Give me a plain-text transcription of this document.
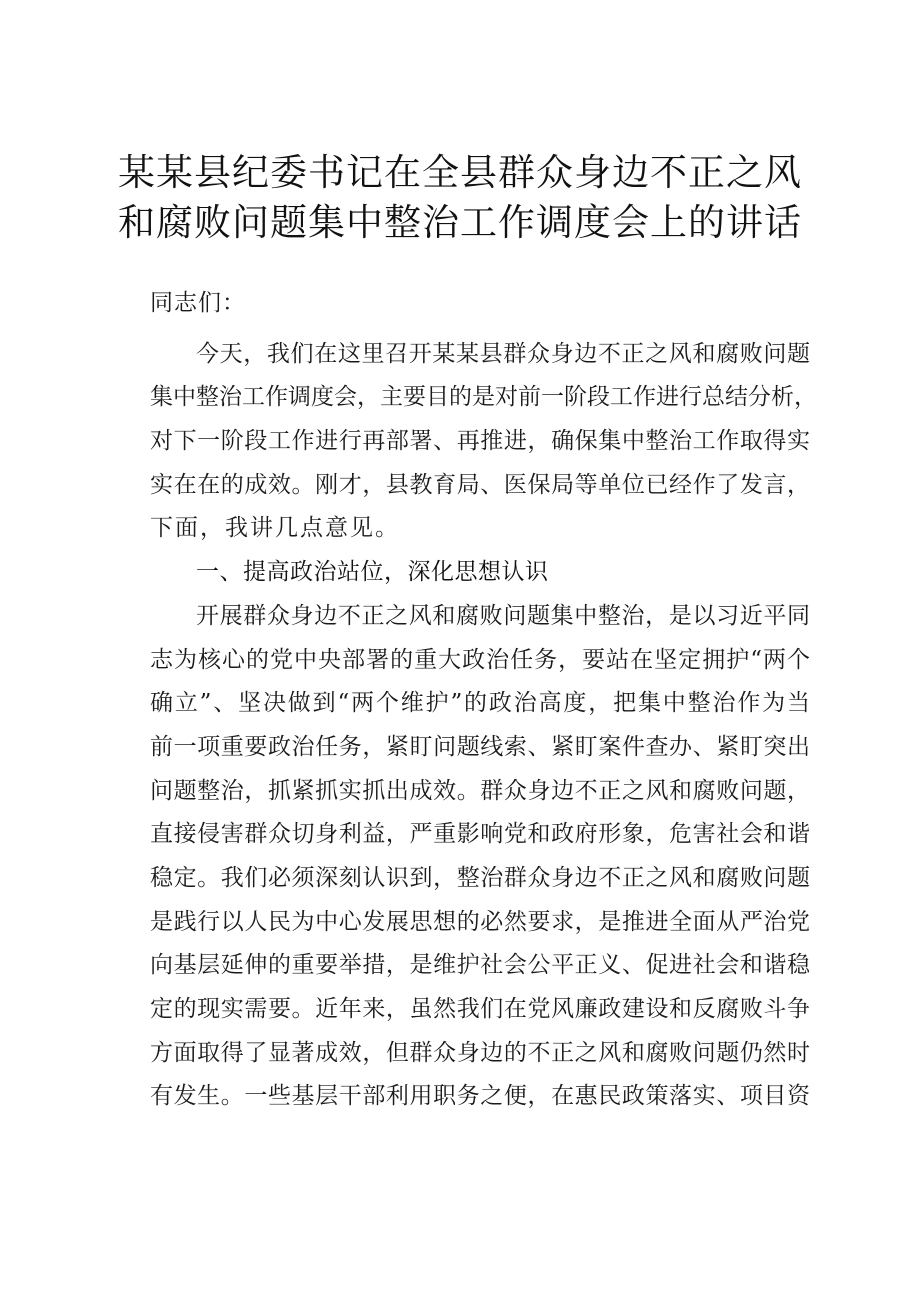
某某县纪委书记在全县群众身边不正之风
和腐败问题集中整治工作调度会上的讲话
同志们：
今天，我们在这里召开某某县群众身边不正之风和腐败问题
集中整治工作调度会，主要目的是对前一阶段工作进行总结分析，
对下一阶段工作进行再部署、再推进，确保集中整治工作取得实
实在在的成效。刚才，县教育局、医保局等单位已经作了发言，
下面，我讲几点意见。
一、提高政治站位，深化思想认识
开展群众身边不正之风和腐败问题集中整治，是以习近平同
志为核心的党中央部署的重大政治任务，要站在坚定拥护“两个
确立”、坚决做到“两个维护”的政治高度，把集中整治作为当
前一项重要政治任务，紧盯问题线索、紧盯案件查办、紧盯突出
问题整治，抓紧抓实抓出成效。群众身边不正之风和腐败问题，
直接侵害群众切身利益，严重影响党和政府形象，危害社会和谐
稳定。我们必须深刻认识到，整治群众身边不正之风和腐败问题
是践行以人民为中心发展思想的必然要求，是推进全面从严治党
向基层延伸的重要举措，是维护社会公平正义、促进社会和谐稳
定的现实需要。近年来，虽然我们在党风廉政建设和反腐败斗争
方面取得了显著成效，但群众身边的不正之风和腐败问题仍然时
有发生。一些基层干部利用职务之便，在惠民政策落实、项目资
